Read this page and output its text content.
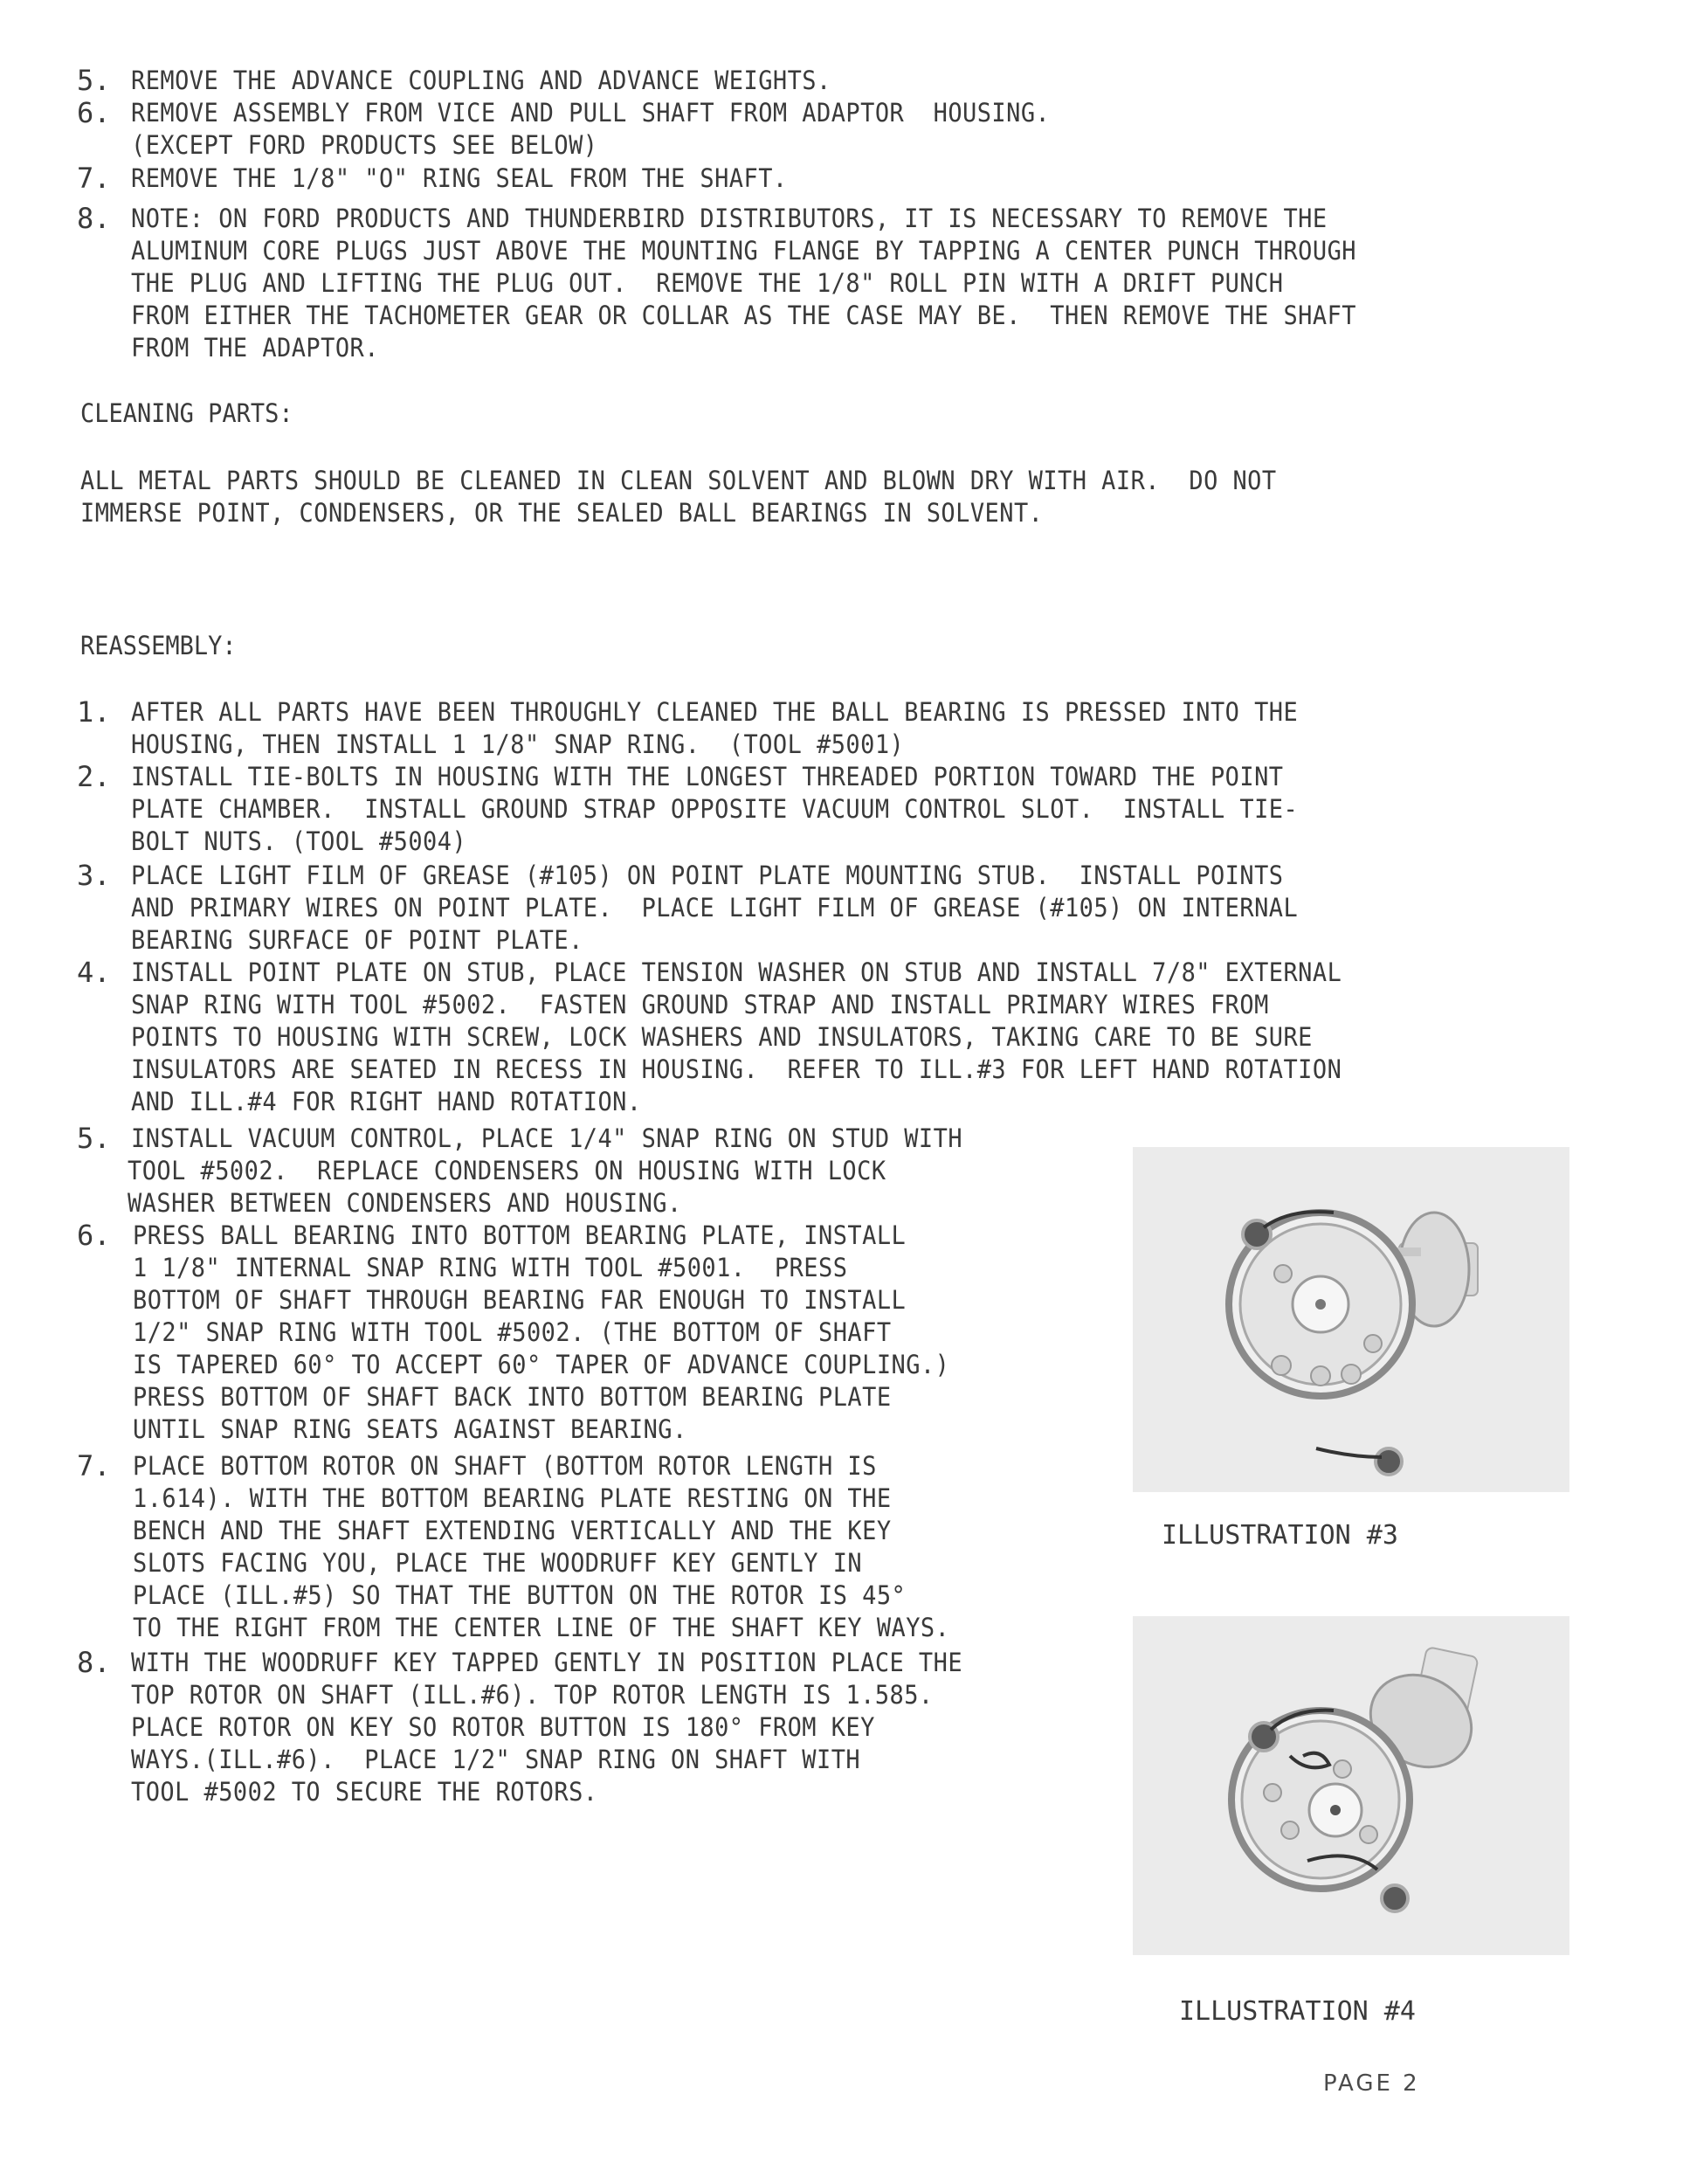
5. REMOVE THE ADVANCE COUPLING AND ADVANCE WEIGHTS.
6. REMOVE ASSEMBLY FROM VICE AND PULL SHAFT FROM ADAPTOR  HOUSING.
(EXCEPT FORD PRODUCTS SEE BELOW)
7. REMOVE THE 1/8" "O" RING SEAL FROM THE SHAFT.
8. NOTE: ON FORD PRODUCTS AND THUNDERBIRD DISTRIBUTORS, IT IS NECESSARY TO REMOVE THE
ALUMINUM CORE PLUGS JUST ABOVE THE MOUNTING FLANGE BY TAPPING A CENTER PUNCH THROUGH
THE PLUG AND LIFTING THE PLUG OUT.  REMOVE THE 1/8" ROLL PIN WITH A DRIFT PUNCH
FROM EITHER THE TACHOMETER GEAR OR COLLAR AS THE CASE MAY BE.  THEN REMOVE THE SHAFT
FROM THE ADAPTOR.
CLEANING PARTS:
ALL METAL PARTS SHOULD BE CLEANED IN CLEAN SOLVENT AND BLOWN DRY WITH AIR.  DO NOT
IMMERSE POINT, CONDENSERS, OR THE SEALED BALL BEARINGS IN SOLVENT.
REASSEMBLY:
1. AFTER ALL PARTS HAVE BEEN THROUGHLY CLEANED THE BALL BEARING IS PRESSED INTO THE
HOUSING, THEN INSTALL 1 1/8" SNAP RING.  (TOOL #5001)
2. INSTALL TIE-BOLTS IN HOUSING WITH THE LONGEST THREADED PORTION TOWARD THE POINT
PLATE CHAMBER.  INSTALL GROUND STRAP OPPOSITE VACUUM CONTROL SLOT.  INSTALL TIE-
BOLT NUTS. (TOOL #5004)
3. PLACE LIGHT FILM OF GREASE (#105) ON POINT PLATE MOUNTING STUB.  INSTALL POINTS
AND PRIMARY WIRES ON POINT PLATE.  PLACE LIGHT FILM OF GREASE (#105) ON INTERNAL
BEARING SURFACE OF POINT PLATE.
4. INSTALL POINT PLATE ON STUB, PLACE TENSION WASHER ON STUB AND INSTALL 7/8" EXTERNAL
SNAP RING WITH TOOL #5002.  FASTEN GROUND STRAP AND INSTALL PRIMARY WIRES FROM
POINTS TO HOUSING WITH SCREW, LOCK WASHERS AND INSULATORS, TAKING CARE TO BE SURE
INSULATORS ARE SEATED IN RECESS IN HOUSING.  REFER TO ILL.#3 FOR LEFT HAND ROTATION
AND ILL.#4 FOR RIGHT HAND ROTATION.
5. INSTALL VACUUM CONTROL, PLACE 1/4" SNAP RING ON STUD WITH
TOOL #5002.  REPLACE CONDENSERS ON HOUSING WITH LOCK
WASHER BETWEEN CONDENSERS AND HOUSING.
6. PRESS BALL BEARING INTO BOTTOM BEARING PLATE, INSTALL
1 1/8" INTERNAL SNAP RING WITH TOOL #5001.  PRESS
BOTTOM OF SHAFT THROUGH BEARING FAR ENOUGH TO INSTALL
1/2" SNAP RING WITH TOOL #5002. (THE BOTTOM OF SHAFT
IS TAPERED 60° TO ACCEPT 60° TAPER OF ADVANCE COUPLING.)
PRESS BOTTOM OF SHAFT BACK INTO BOTTOM BEARING PLATE
UNTIL SNAP RING SEATS AGAINST BEARING.
7. PLACE BOTTOM ROTOR ON SHAFT (BOTTOM ROTOR LENGTH IS
1.614). WITH THE BOTTOM BEARING PLATE RESTING ON THE
BENCH AND THE SHAFT EXTENDING VERTICALLY AND THE KEY
SLOTS FACING YOU, PLACE THE WOODRUFF KEY GENTLY IN
PLACE (ILL.#5) SO THAT THE BUTTON ON THE ROTOR IS 45°
TO THE RIGHT FROM THE CENTER LINE OF THE SHAFT KEY WAYS.
8. WITH THE WOODRUFF KEY TAPPED GENTLY IN POSITION PLACE THE
TOP ROTOR ON SHAFT (ILL.#6). TOP ROTOR LENGTH IS 1.585.
PLACE ROTOR ON KEY SO ROTOR BUTTON IS 180° FROM KEY
WAYS.(ILL.#6).  PLACE 1/2" SNAP RING ON SHAFT WITH
TOOL #5002 TO SECURE THE ROTORS.
ILLUSTRATION #3
ILLUSTRATION #4
PAGE 2
